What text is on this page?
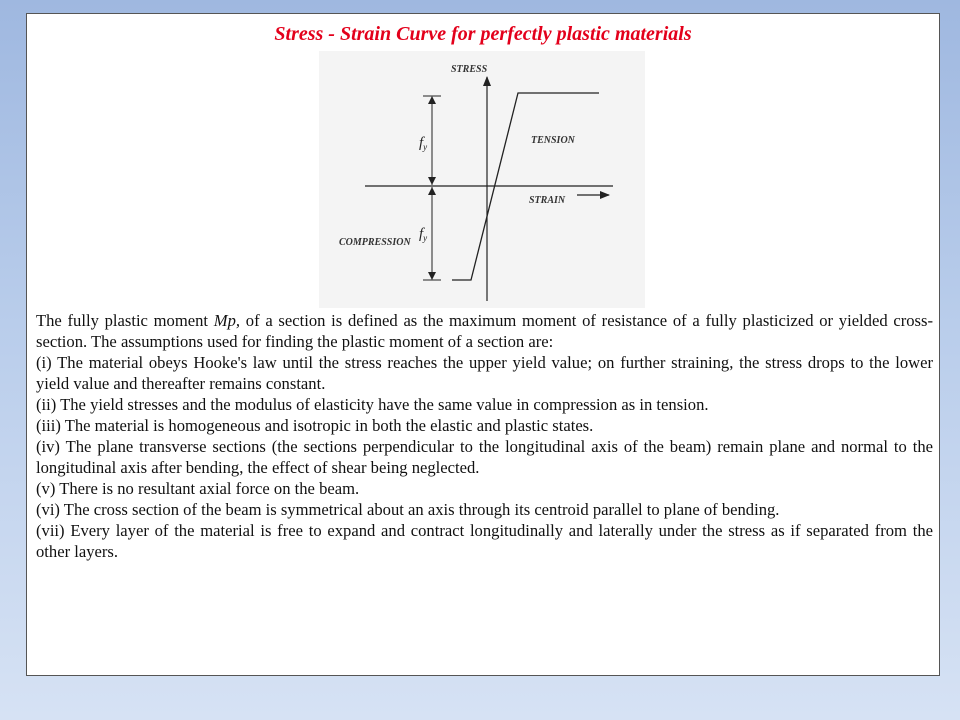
Stress - Strain Curve for perfectly plastic materials
STRESS
STRAIN
TENSION
COMPRESSION
$f_y$
$f_y$

The fully plastic moment Mp, of a section is defined as the maximum moment of resistance of a fully plasticized or yielded cross-section. The assumptions used for finding the plastic moment of a section are:

(i) The material obeys Hooke's law until the stress reaches the upper yield value; on further straining, the stress drops to the lower yield value and thereafter remains constant.

(ii) The yield stresses and the modulus of elasticity have the same value in compression as in tension.

(iii) The material is homogeneous and isotropic in both the elastic and plastic states.

(iv) The plane transverse sections (the sections perpendicular to the longitudinal axis of the beam) remain plane and normal to the longitudinal axis after bending, the effect of shear being neglected.

(v) There is no resultant axial force on the beam.

(vi) The cross section of the beam is symmetrical about an axis through its centroid parallel to plane of bending.

(vii) Every layer of the material is free to expand and contract longitudinally and laterally under the stress as if separated from the other layers.
